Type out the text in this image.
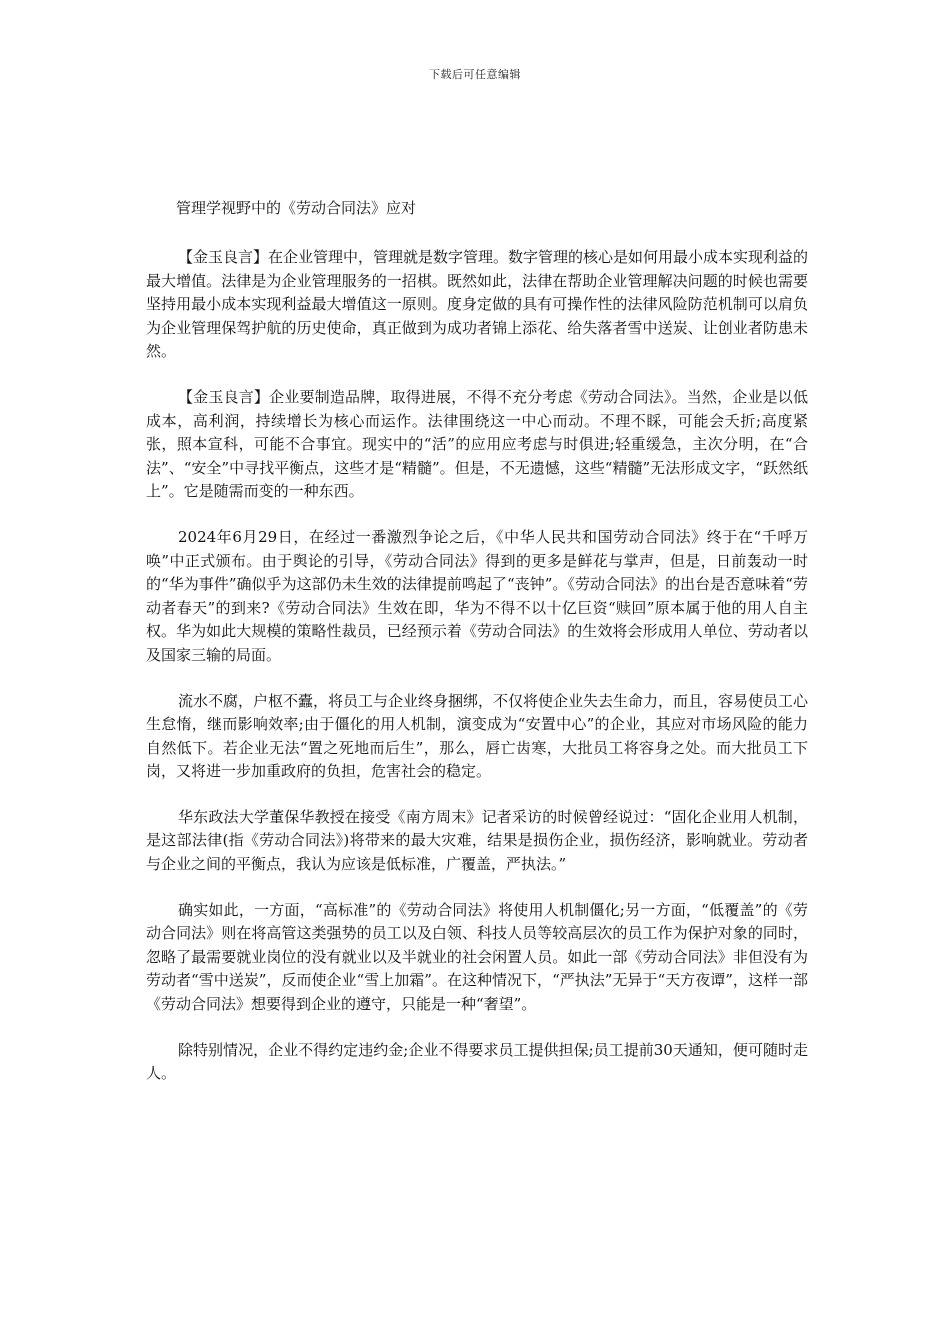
下载后可任意编辑
管理学视野中的《劳动合同法》应对

【金玉良言】在企业管理中，管理就是数字管理。数字管理的核心是如何用最小成本实现利益的最大增值。法律是为企业管理服务的一招棋。既然如此，法律在帮助企业管理解决问题的时候也需要坚持用最小成本实现利益最大增值这一原则。度身定做的具有可操作性的法律风险防范机制可以肩负为企业管理保驾护航的历史使命，真正做到为成功者锦上添花、给失落者雪中送炭、让创业者防患未然。

【金玉良言】企业要制造品牌，取得进展，不得不充分考虑《劳动合同法》。当然，企业是以低成本，高利润，持续增长为核心而运作。法律围绕这一中心而动。不理不睬，可能会夭折;高度紧张，照本宣科，可能不合事宜。现实中的“活”的应用应考虑与时俱进;轻重缓急，主次分明，在“合法”、“安全”中寻找平衡点，这些才是“精髓”。但是，不无遗憾，这些“精髓”无法形成文字，“跃然纸上”。它是随需而变的一种东西。

2024年6月29日，在经过一番激烈争论之后，《中华人民共和国劳动合同法》终于在“千呼万唤”中正式颁布。由于舆论的引导，《劳动合同法》得到的更多是鲜花与掌声，但是，日前轰动一时的“华为事件”确似乎为这部仍未生效的法律提前鸣起了“丧钟”。《劳动合同法》的出台是否意味着“劳动者春天”的到来?《劳动合同法》生效在即，华为不得不以十亿巨资“赎回”原本属于他的用人自主权。华为如此大规模的策略性裁员，已经预示着《劳动合同法》的生效将会形成用人单位、劳动者以及国家三输的局面。

流水不腐，户枢不蠹，将员工与企业终身捆绑，不仅将使企业失去生命力，而且，容易使员工心生怠惰，继而影响效率;由于僵化的用人机制，演变成为“安置中心”的企业，其应对市场风险的能力自然低下。若企业无法“置之死地而后生”，那么，唇亡齿寒，大批员工将容身之处。而大批员工下岗，又将进一步加重政府的负担，危害社会的稳定。

华东政法大学董保华教授在接受《南方周末》记者采访的时候曾经说过：“固化企业用人机制，是这部法律(指《劳动合同法》)将带来的最大灾难，结果是损伤企业，损伤经济，影响就业。劳动者与企业之间的平衡点，我认为应该是低标准，广覆盖，严执法。”

确实如此，一方面，“高标准”的《劳动合同法》将使用人机制僵化;另一方面，“低覆盖”的《劳动合同法》则在将高管这类强势的员工以及白领、科技人员等较高层次的员工作为保护对象的同时，忽略了最需要就业岗位的没有就业以及半就业的社会闲置人员。如此一部《劳动合同法》非但没有为劳动者“雪中送炭”，反而使企业“雪上加霜”。在这种情况下，“严执法”无异于“天方夜谭”，这样一部《劳动合同法》想要得到企业的遵守，只能是一种“奢望”。

除特别情况，企业不得约定违约金;企业不得要求员工提供担保;员工提前30天通知，便可随时走人。
